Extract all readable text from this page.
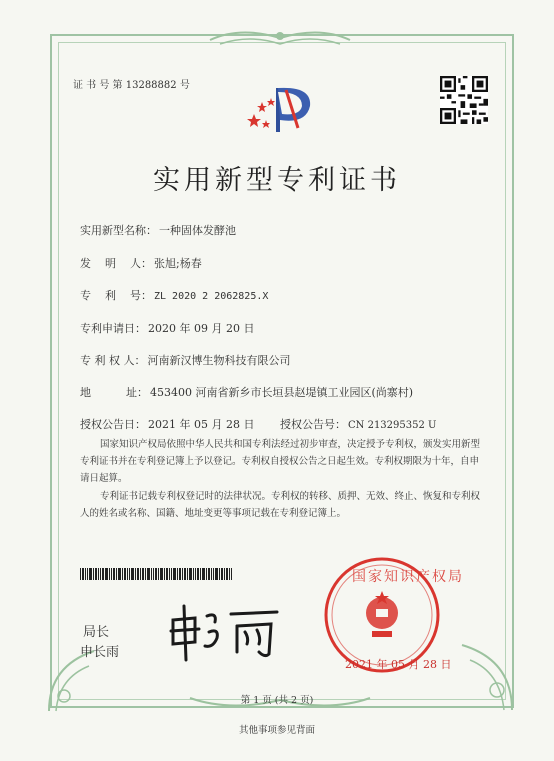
证 书 号 第 13288882 号
实用新型专利证书
实用新型名称： 一种固体发酵池
发    明    人： 张旭;杨春
专    利    号： ZL 2020 2 2062825.X
专利申请日： 2020 年 09 月 20 日
专 利 权 人： 河南新汉博生物科技有限公司
地          址： 453400 河南省新乡市长垣县赵堤镇工业园区(尚寨村)
授权公告日： 2021 年 05 月 28 日 授权公告号： CN 213295352 U
国家知识产权局依照中华人民共和国专利法经过初步审查，决定授予专利权，颁发实用新型专利证书并在专利登记簿上予以登记。专利权自授权公告之日起生效。专利权期限为十年，自申请日起算。
专利证书记载专利权登记时的法律状况。专利权的转移、质押、无效、终止、恢复和专利权人的姓名或名称、国籍、地址变更等事项记载在专利登记簿上。
局长
申长雨
国家知识产权局
2021 年 05 月 28 日
第 1 页 (共 2 页)
其他事项参见背面
